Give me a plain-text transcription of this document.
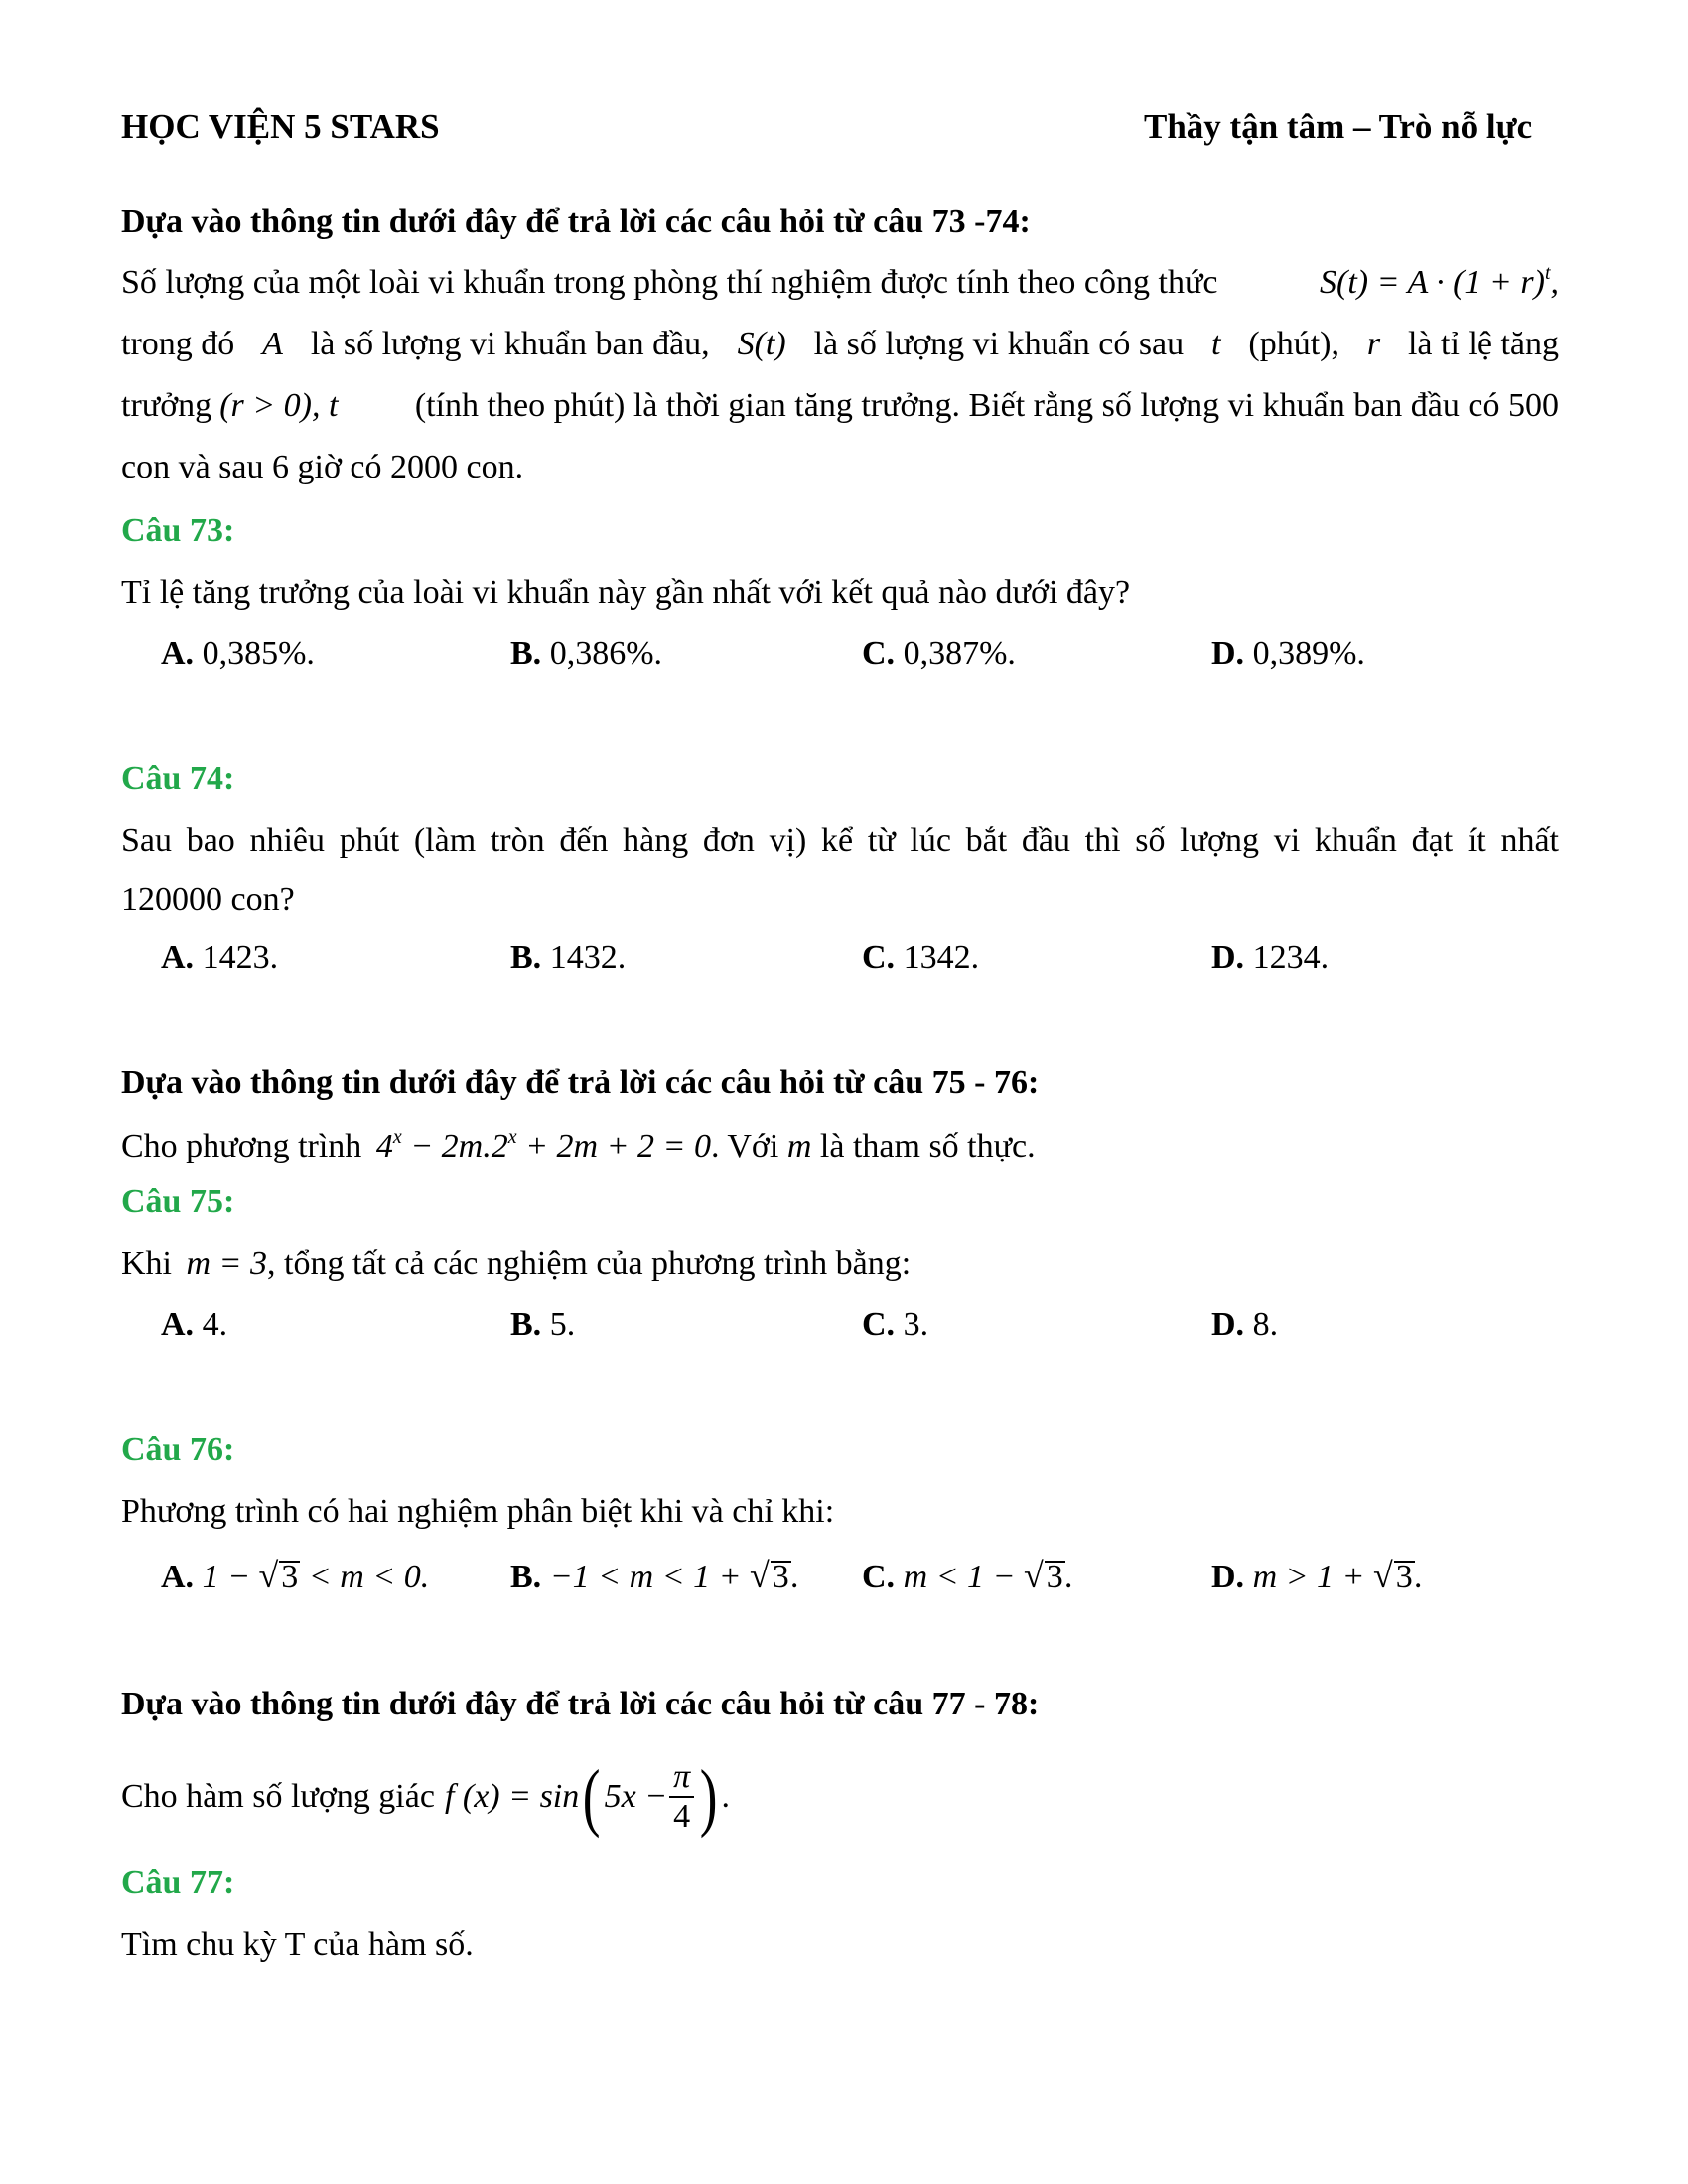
HỌC VIỆN 5 STARS	Thầy tận tâm – Trò nỗ lực
Dựa vào thông tin dưới đây để trả lời các câu hỏi từ câu 73 -74:
Số lượng của một loài vi khuẩn trong phòng thí nghiệm được tính theo công thức	$S(t) = A \cdot (1 + r)^t$,
trong đó A là số lượng vi khuẩn ban đầu, S(t) là số lượng vi khuẩn có sau t (phút), r là tỉ lệ tăng
trưởng (r > 0), t	(tính theo phút) là thời gian tăng trưởng. Biết rằng số lượng vi khuẩn ban đầu có 500
con và sau 6 giờ có 2000 con.
Câu 73:
Tỉ lệ tăng trưởng của loài vi khuẩn này gần nhất với kết quả nào dưới đây?
A. 0,385%.	B. 0,386%.	C. 0,387%.	D. 0,389%.
Câu 74:
Sau bao nhiêu phút (làm tròn đến hàng đơn vị) kể từ lúc bắt đầu thì số lượng vi khuẩn đạt ít nhất
120000 con?
A. 1423.	B. 1432.	C. 1342.	D. 1234.
Dựa vào thông tin dưới đây để trả lời các câu hỏi từ câu 75 - 76:
Cho phương trình $4^x - 2m.2^x + 2m + 2 = 0$. Với m là tham số thực.
Câu 75:
Khi m = 3, tổng tất cả các nghiệm của phương trình bằng:
A. 4.	B. 5.	C. 3.	D. 8.
Câu 76:
Phương trình có hai nghiệm phân biệt khi và chỉ khi:
A. 1 − √3 < m < 0. B. −1 < m < 1 + √3. C. m < 1 − √3.	D. m > 1 + √3.
Dựa vào thông tin dưới đây để trả lời các câu hỏi từ câu 77 - 78:
Cho hàm số lượng giác f (x) = sin ( $5x - \frac{\pi}{4}$ ) .
Câu 77:
Tìm chu kỳ T của hàm số.
